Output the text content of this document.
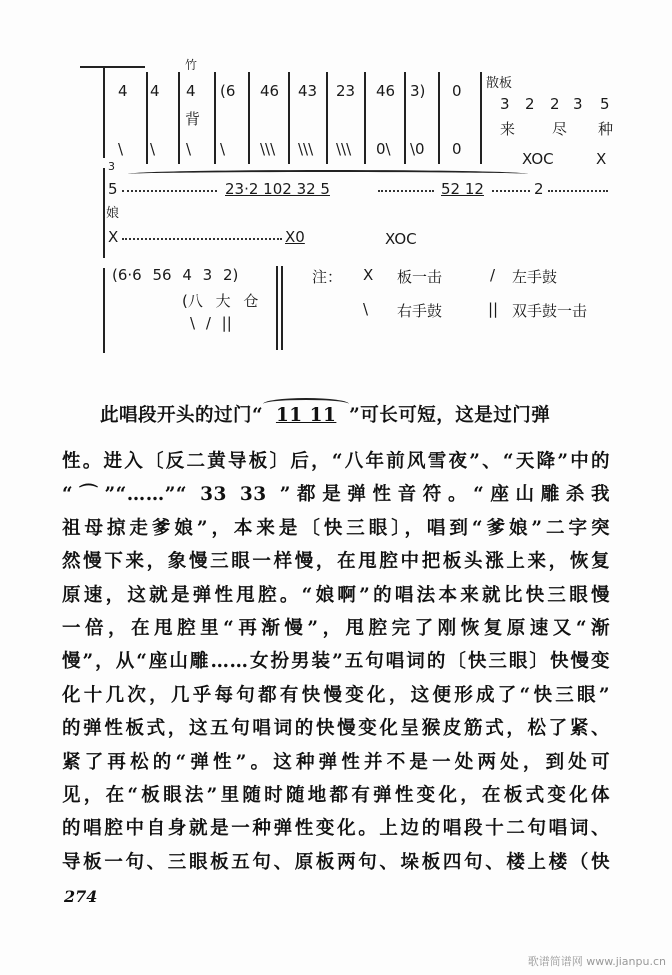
4 4 4 (6 46 43 23 46 3) 0
\ \ \ \ \\\ \\\ \\\ 0\ \0 0
竹
背
散板
3
来
2 2 3
尽
5
种
XOC	X
3
5	23·2 102 32 5	52 12	2
娘
X	X0	XOC
(6·6 56 4 3 2)
(八 大 仓
\ / ||
注： X 板一击	/ 左手鼓
\ 右手鼓	|| 双手鼓一击
此唱段开头的过门“ 11 11 ”可长可短，这是过门弹
性。进入〔反二黄导板〕后，“八年前风雪夜”、“天降”中的
“⌒”“……”“ 33 33 ”都是弹性音符。“座山雕杀我
祖母掠走爹娘”，本来是〔快三眼〕，唱到“爹娘”二字突
然慢下来，象慢三眼一样慢，在甩腔中把板头涨上来，恢复
原速，这就是弹性甩腔。“娘啊”的唱法本来就比快三眼慢
一倍，在甩腔里“再渐慢”，甩腔完了刚恢复原速又“渐
慢”，从“座山雕……女扮男装”五句唱词的〔快三眼〕快慢变
化十几次，几乎每句都有快慢变化，这便形成了“快三眼”
的弹性板式，这五句唱词的快慢变化呈猴皮筋式，松了紧、
紧了再松的“弹性”。这种弹性并不是一处两处，到处可
见，在“板眼法”里随时随地都有弹性变化，在板式变化体
的唱腔中自身就是一种弹性变化。上边的唱段十二句唱词、
导板一句、三眼板五句、原板两句、垛板四句、楼上楼（快
274
歌谱简谱网 www.jianpu.cn
